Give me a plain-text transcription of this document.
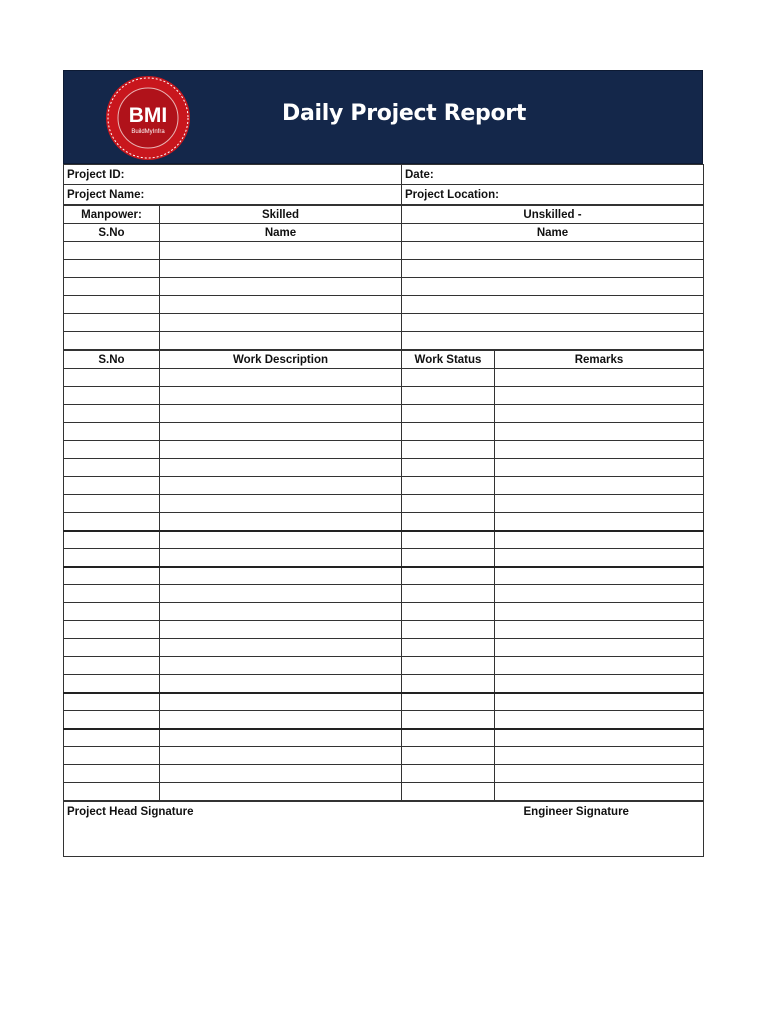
BMI
BuildMyInfra
Daily Project Report
Project ID:	Date:
Project Name:	Project Location:
Manpower:	Skilled	Unskilled -
S.No	Name	Name

S.No	Work Description	Work Status	Remarks

Project Head Signature	Engineer Signature
